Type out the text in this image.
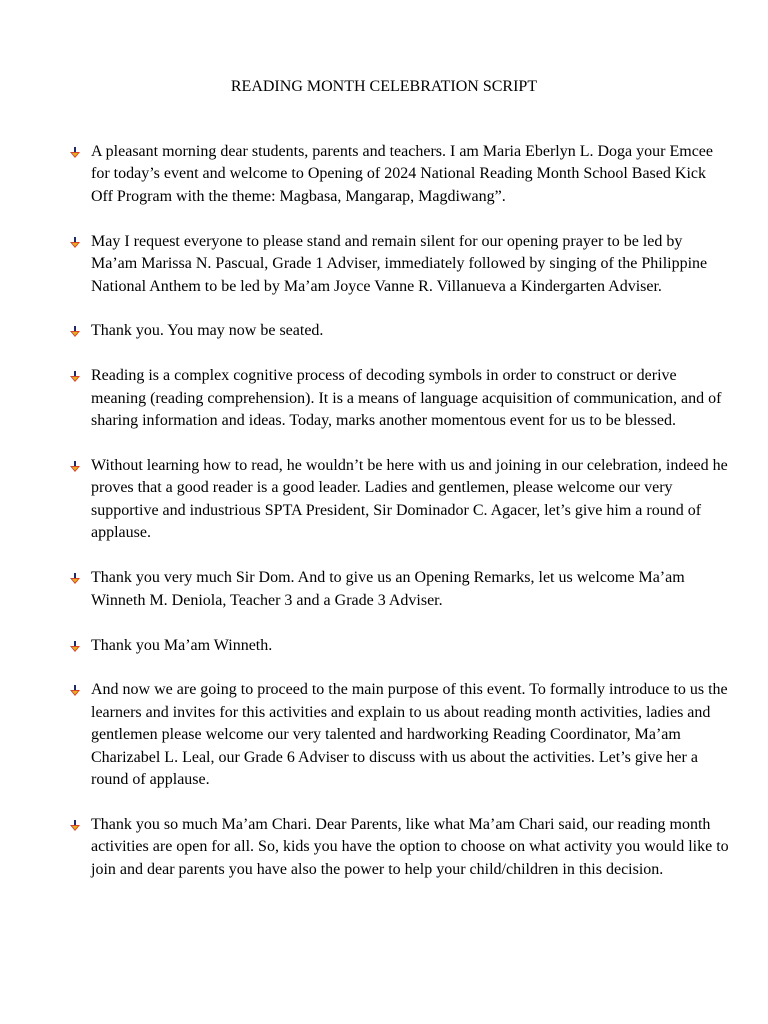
READING MONTH CELEBRATION SCRIPT
A pleasant morning dear students, parents and teachers. I am Maria Eberlyn L. Doga your Emcee for today’s event and welcome to Opening of 2024 National Reading Month School Based Kick Off Program with the theme: Magbasa, Mangarap, Magdiwang”.
May I request everyone to please stand and remain silent for our opening prayer to be led by Ma’am Marissa N. Pascual, Grade 1 Adviser, immediately followed by singing of the Philippine National Anthem to be led by Ma’am Joyce Vanne R. Villanueva a Kindergarten Adviser.
Thank you. You may now be seated.
Reading is a complex cognitive process of decoding symbols in order to construct or derive meaning (reading comprehension). It is a means of language acquisition of communication, and of sharing information and ideas. Today, marks another momentous event for us to be blessed.
Without learning how to read, he wouldn’t be here with us and joining in our celebration, indeed he proves that a good reader is a good leader. Ladies and gentlemen, please welcome our very supportive and industrious SPTA President, Sir Dominador C. Agacer, let’s give him a round of applause.
Thank you very much Sir Dom. And to give us an Opening Remarks, let us welcome Ma’am Winneth M. Deniola, Teacher 3 and a Grade 3 Adviser.
Thank you Ma’am Winneth.
And now we are going to proceed to the main purpose of this event. To formally introduce to us the learners and invites for this activities and explain to us about reading month activities, ladies and gentlemen please welcome our very talented and hardworking Reading Coordinator, Ma’am Charizabel L. Leal, our Grade 6 Adviser to discuss with us about the activities. Let’s give her a round of applause.
Thank you so much Ma’am Chari. Dear Parents, like what Ma’am Chari said, our reading month activities are open for all. So, kids you have the option to choose on what activity you would like to join and dear parents you have also the power to help your child/children in this decision.
